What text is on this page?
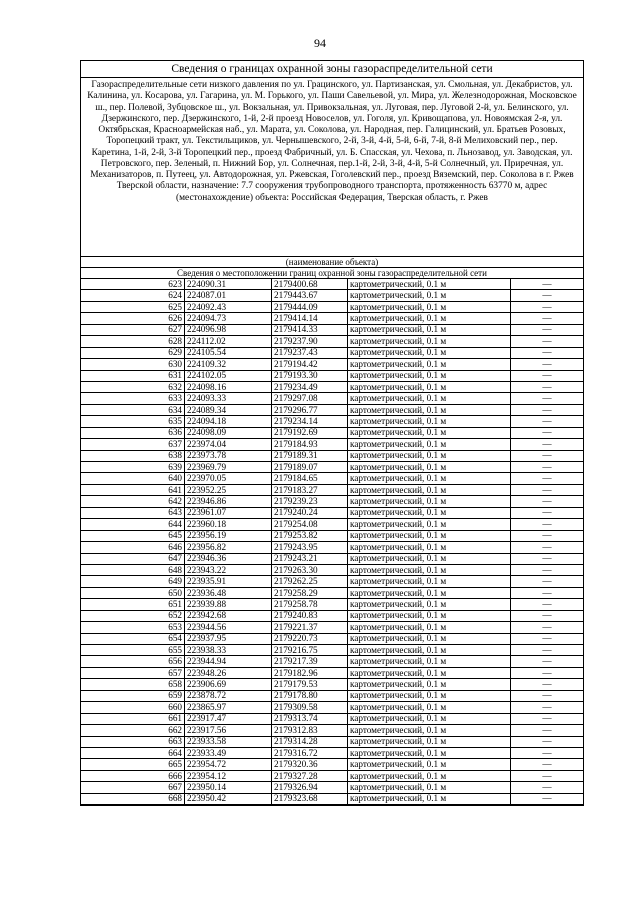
94
Сведения о границах охранной зоны газораспределительной сети
Газораспределительные сети низкого давления по ул. Грацинского, ул. Партизанская, ул. Смольная, ул. Декабристов, ул. Калинина, ул. Косарова, ул. Гагарина, ул. М. Горького, ул. Паши Савельевой, ул. Мира, ул. Железнодорожная, Московское ш., пер. Полевой, Зубцовское ш., ул. Вокзальная, ул. Привокзальная, ул. Луговая, пер. Луговой 2-й, ул. Белинского, ул. Дзержинского, пер. Дзержинского, 1-й, 2-й проезд Новоселов, ул. Гоголя, ул. Кривощапова, ул. Новоямская 2-я, ул. Октябрьская, Красноармейская наб., ул. Марата, ул. Соколова, ул. Народная, пер. Галицинский, ул. Братьев Розовых, Торопецкий тракт, ул. Текстильщиков, ул. Чернышевского, 2-й, 3-й, 4-й, 5-й, 6-й, 7-й, 8-й Мелиховский пер., пер. Каретина, 1-й, 2-й, 3-й Торопецкий пер., проезд Фабричный, ул. Б. Спасская, ул. Чехова, п. Льнозавод, ул. Заводская, ул. Петровского, пер. Зеленый, п. Нижний Бор, ул. Солнечная, пер.1-й, 2-й, 3-й, 4-й, 5-й Солнечный, ул. Приречная, ул. Механизаторов, п. Путеец, ул. Автодорожная, ул. Ржевская, Гоголевский пер., проезд Вяземский, пер. Соколова в г. Ржев Тверской области, назначение: 7.7 сооружения трубопроводного транспорта, протяженность 63770 м, адрес (местонахождение) объекта: Российская Федерация, Тверская область, г. Ржев
(наименование объекта)
Сведения о местоположении границ охранной зоны газораспределительной сети
623	224090.31	2179400.68	картометрический, 0.1 м	—
624	224087.01	2179443.67	картометрический, 0.1 м	—
625	224092.43	2179444.09	картометрический, 0.1 м	—
626	224094.73	2179414.14	картометрический, 0.1 м	—
627	224096.98	2179414.33	картометрический, 0.1 м	—
628	224112.02	2179237.90	картометрический, 0.1 м	—
629	224105.54	2179237.43	картометрический, 0.1 м	—
630	224109.32	2179194.42	картометрический, 0.1 м	—
631	224102.05	2179193.30	картометрический, 0.1 м	—
632	224098.16	2179234.49	картометрический, 0.1 м	—
633	224093.33	2179297.08	картометрический, 0.1 м	—
634	224089.34	2179296.77	картометрический, 0.1 м	—
635	224094.18	2179234.14	картометрический, 0.1 м	—
636	224098.09	2179192.69	картометрический, 0.1 м	—
637	223974.04	2179184.93	картометрический, 0.1 м	—
638	223973.78	2179189.31	картометрический, 0.1 м	—
639	223969.79	2179189.07	картометрический, 0.1 м	—
640	223970.05	2179184.65	картометрический, 0.1 м	—
641	223952.25	2179183.27	картометрический, 0.1 м	—
642	223946.86	2179239.23	картометрический, 0.1 м	—
643	223961.07	2179240.24	картометрический, 0.1 м	—
644	223960.18	2179254.08	картометрический, 0.1 м	—
645	223956.19	2179253.82	картометрический, 0.1 м	—
646	223956.82	2179243.95	картометрический, 0.1 м	—
647	223946.36	2179243.21	картометрический, 0.1 м	—
648	223943.22	2179263.30	картометрический, 0.1 м	—
649	223935.91	2179262.25	картометрический, 0.1 м	—
650	223936.48	2179258.29	картометрический, 0.1 м	—
651	223939.88	2179258.78	картометрический, 0.1 м	—
652	223942.68	2179240.83	картометрический, 0.1 м	—
653	223944.56	2179221.37	картометрический, 0.1 м	—
654	223937.95	2179220.73	картометрический, 0.1 м	—
655	223938.33	2179216.75	картометрический, 0.1 м	—
656	223944.94	2179217.39	картометрический, 0.1 м	—
657	223948.26	2179182.96	картометрический, 0.1 м	—
658	223906.69	2179179.53	картометрический, 0.1 м	—
659	223878.72	2179178.80	картометрический, 0.1 м	—
660	223865.97	2179309.58	картометрический, 0.1 м	—
661	223917.47	2179313.74	картометрический, 0.1 м	—
662	223917.56	2179312.83	картометрический, 0.1 м	—
663	223933.58	2179314.28	картометрический, 0.1 м	—
664	223933.49	2179316.72	картометрический, 0.1 м	—
665	223954.72	2179320.36	картометрический, 0.1 м	—
666	223954.12	2179327.28	картометрический, 0.1 м	—
667	223950.14	2179326.94	картометрический, 0.1 м	—
668	223950.42	2179323.68	картометрический, 0.1 м	—
